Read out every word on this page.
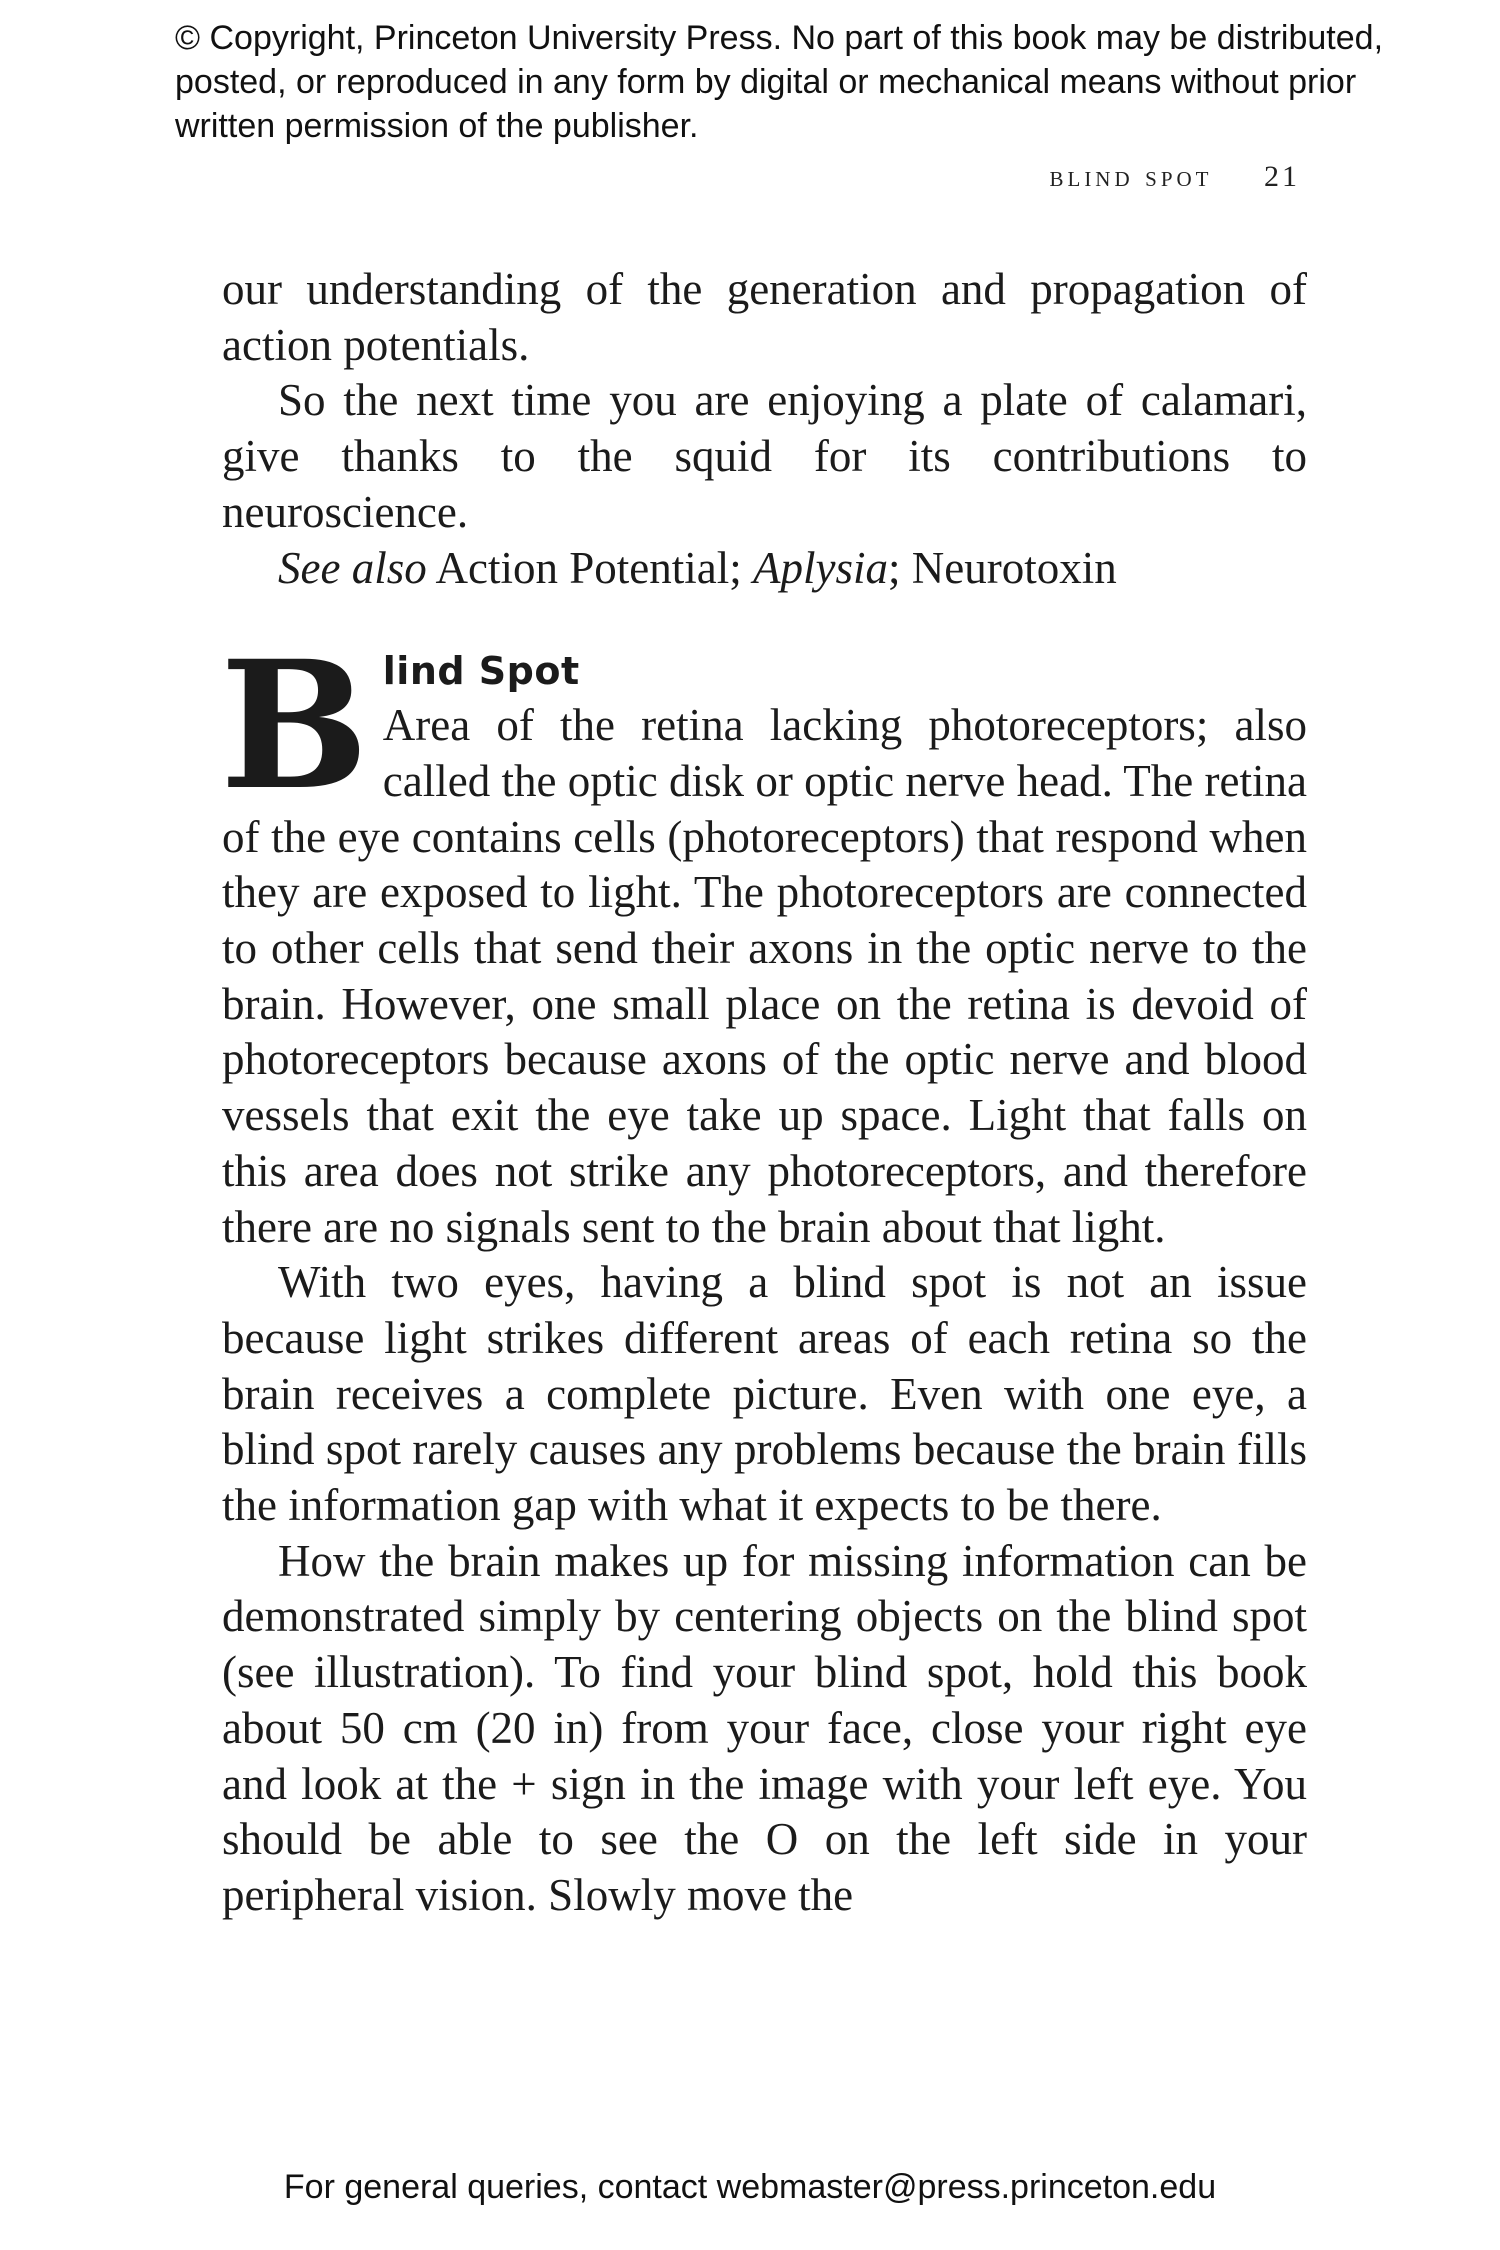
© Copyright, Princeton University Press. No part of this book may be distributed, posted, or reproduced in any form by digital or mechanical means without prior written permission of the publisher.

blind spot 21

our understanding of the generation and propagation of action potentials.

So the next time you are enjoying a plate of calamari, give thanks to the squid for its contributions to neuroscience.

See also Action Potential; Aplysia; Neurotoxin

B lind Spot

Area of the retina lacking photoreceptors; also called the optic disk or optic nerve head. The retina of the eye contains cells (photoreceptors) that respond when they are exposed to light. The photoreceptors are connected to other cells that send their axons in the optic nerve to the brain. However, one small place on the retina is devoid of photoreceptors because axons of the optic nerve and blood vessels that exit the eye take up space. Light that falls on this area does not strike any photoreceptors, and therefore there are no signals sent to the brain about that light.

With two eyes, having a blind spot is not an issue because light strikes different areas of each retina so the brain receives a complete picture. Even with one eye, a blind spot rarely causes any problems because the brain fills the information gap with what it expects to be there.

How the brain makes up for missing information can be demonstrated simply by centering objects on the blind spot (see illustration). To find your blind spot, hold this book about 50 cm (20 in) from your face, close your right eye and look at the + sign in the image with your left eye. You should be able to see the O on the left side in your peripheral vision. Slowly move the

For general queries, contact webmaster@press.princeton.edu
